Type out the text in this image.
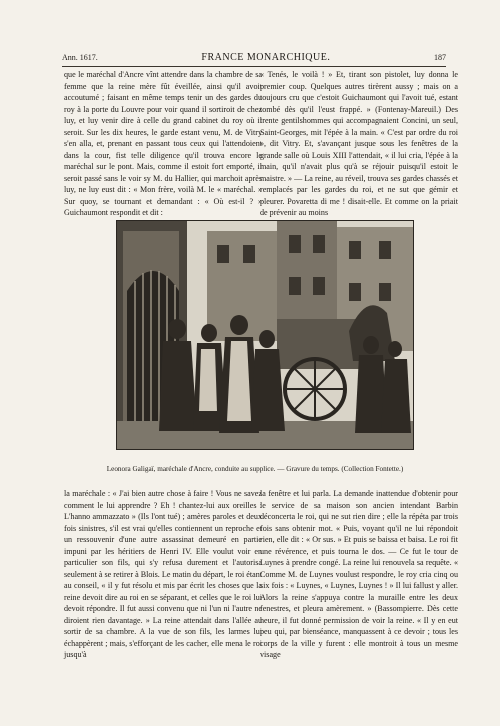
Ann. 1617.	FRANCE MONARCHIQUE.	187

que le maréchal d'Ancre vînt attendre dans la chambre de sa femme que la reine mère fût éveillée, ainsi qu'il avoit accoutumé ; faisant en même temps tenir un des gardes du roy à la porte du Louvre pour voir quand il sortiroit de chez luy, et luy venir dire à celle du grand cabinet du roy où il seroit. Sur les dix heures, le garde estant venu, M. de Vitry s'en alla, et, prenant en passant tous ceux qui l'attendoient dans la cour, fist telle diligence qu'il trouva encore le maréchal sur le pont. Mais, comme il estoit fort emporté, il seroit passé sans le voir sy M. du Hallier, qui marchoit après luy, ne luy eust dit : « Mon frère, voilà M. le « maréchal. » Sur quoy, se tournant et demandant : « Où est-il ? » Guichaumont respondit et dit :

« Tenés, le voilà ! » Et, tirant son pistolet, luy donna le premier coup. Quelques autres tirèrent aussy ; mais on a toujours cru que c'estoit Guichaumont qui l'avoit tué, estant tombé dès qu'il l'eust frappé. » (Fontenay-Mareuil.) Des trente gentilshommes qui accompagnaient Concini, un seul, Saint-Georges, mit l'épée à la main. « C'est par ordre du roi », dit Vitry. Et, s'avançant jusque sous les fenêtres de la grande salle où Louis XIII l'attendait, « il lui cria, l'épée à la main, qu'il n'avait plus qu'à se réjouir puisqu'il estoit le maistre. » — La reine, au réveil, trouva ses gardes chassés et remplacés par les gardes du roi, et ne sut que gémir et pleurer. Povaretta di me ! disait-elle. Et comme on la priait de prévenir au moins

Leonora Galigaï, maréchale d'Ancre, conduite au supplice. — Gravure du temps. (Collection Fontette.)

la maréchale : « J'ai bien autre chose à faire ! Vous ne savez comment le lui apprendre ? Eh ! chantez-lui aux oreilles : L'hanno ammazzato » (Ils l'ont tué) ; amères paroles et deux fois sinistres, s'il est vrai qu'elles contiennent un reproche et un ressouvenir d'une autre assassinat demeuré en partie impuni par les héritiers de Henri IV. Elle voulut voir en particulier son fils, qui s'y refusa durement et l'autorisa seulement à se retirer à Blois. Le matin du départ, le roi étant au conseil, « il y fut résolu et mis par écrit les choses que la reine devoit dire au roi en se séparant, et celles que le roi lui devoit répondre. Il fut aussi convenu que ni l'un ni l'autre ne diroient rien davantage. » La reine attendait dans l'allée au sortir de sa chambre. A la vue de son fils, les larmes lui échappèrent ; mais, s'efforçant de les cacher, elle mena le roi jusqu'à

la fenêtre et lui parla. La demande inattendue d'obtenir pour le service de sa maison son ancien intendant Barbin déconcerta le roi, qui ne sut rien dire ; elle la répéta par trois fois sans obtenir mot. « Puis, voyant qu'il ne lui répondoit rien, elle dit : « Or sus. » Et puis se baissa et baisa. Le roi fit une révérence, et puis tourna le dos. — Ce fut le tour de Luynes à prendre congé. La reine lui renouvela sa requête. « Comme M. de Luynes voulust respondre, le roy cria cinq ou six fois : « Luynes, « Luynes, Luynes ! » Il lui fallust y aller. Alors la reine s'appuya contre la muraille entre les deux fenestres, et pleura amèrement. » (Bassompierre. Dès cette heure, il fut donné permission de voir la reine. « Il y en eut peu qui, par bienséance, manquassent à ce devoir ; tous les corps de la ville y furent : elle montroit à tous un mesme visage
